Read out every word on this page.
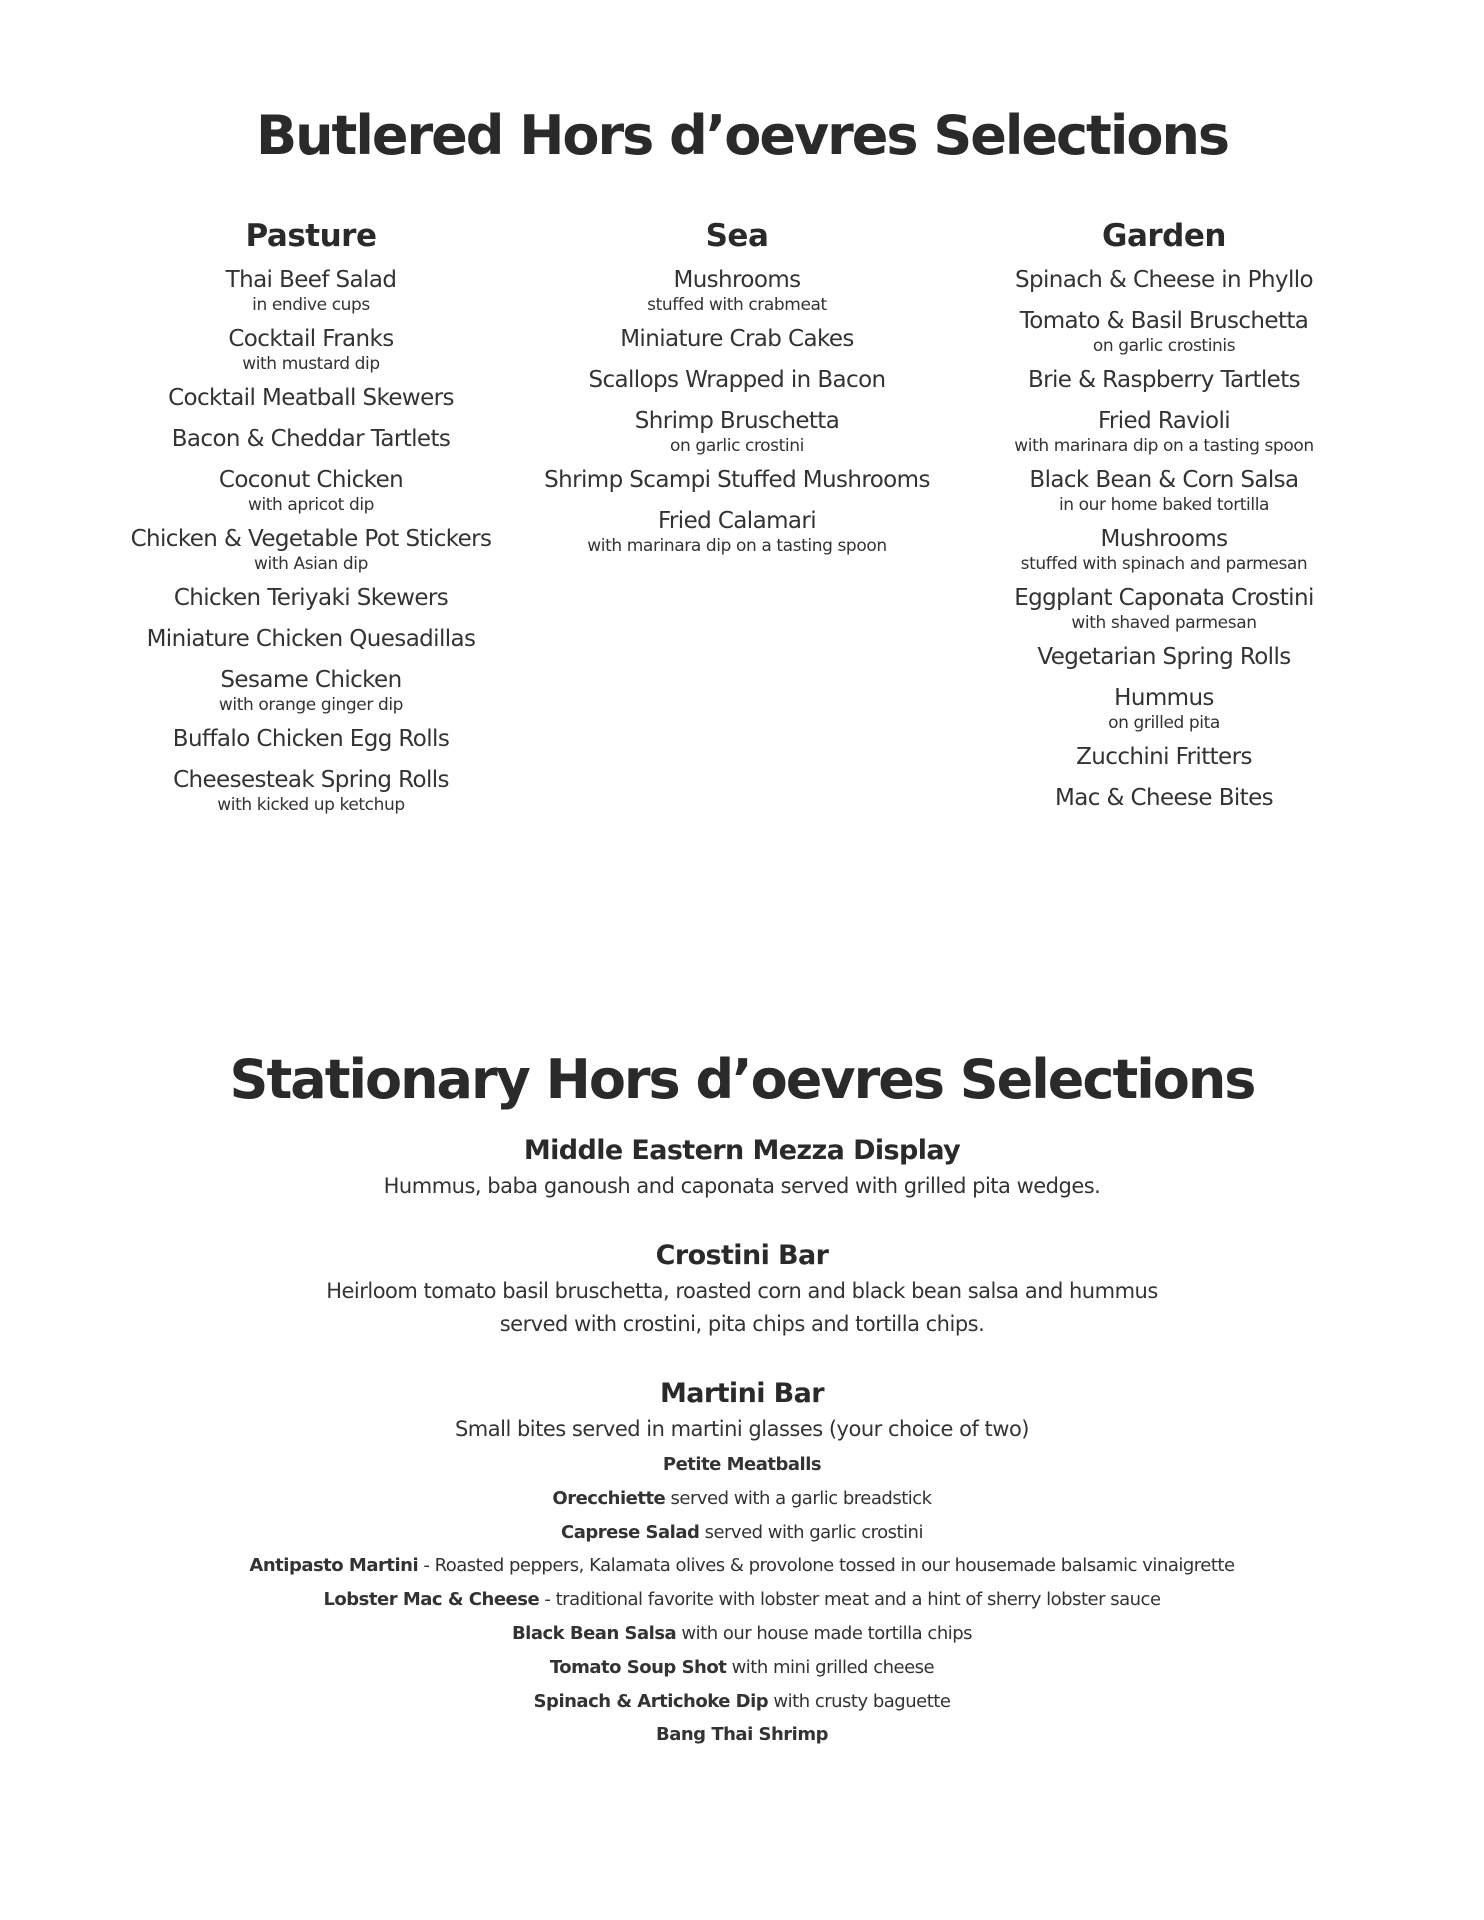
Butlered Hors d’oevres Selections
Pasture
Thai Beef Salad
in endive cups
Cocktail Franks
with mustard dip
Cocktail Meatball Skewers
Bacon & Cheddar Tartlets
Coconut Chicken
with apricot dip
Chicken & Vegetable Pot Stickers
with Asian dip
Chicken Teriyaki Skewers
Miniature Chicken Quesadillas
Sesame Chicken
with orange ginger dip
Buffalo Chicken Egg Rolls
Cheesesteak Spring Rolls
with kicked up ketchup
Sea
Mushrooms
stuffed with crabmeat
Miniature Crab Cakes
Scallops Wrapped in Bacon
Shrimp Bruschetta
on garlic crostini
Shrimp Scampi Stuffed Mushrooms
Fried Calamari
with marinara dip on a tasting spoon
Garden
Spinach & Cheese in Phyllo
Tomato & Basil Bruschetta
on garlic crostinis
Brie & Raspberry Tartlets
Fried Ravioli
with marinara dip on a tasting spoon
Black Bean & Corn Salsa
in our home baked tortilla
Mushrooms
stuffed with spinach and parmesan
Eggplant Caponata Crostini
with shaved parmesan
Vegetarian Spring Rolls
Hummus
on grilled pita
Zucchini Fritters
Mac & Cheese Bites
Stationary Hors d’oevres Selections
Middle Eastern Mezza Display
Hummus, baba ganoush and caponata served with grilled pita wedges.
Crostini Bar
Heirloom tomato basil bruschetta, roasted corn and black bean salsa and hummus
served with crostini, pita chips and tortilla chips.
Martini Bar
Small bites served in martini glasses (your choice of two)
Petite Meatballs
Orecchiette served with a garlic breadstick
Caprese Salad served with garlic crostini
Antipasto Martini - Roasted peppers, Kalamata olives & provolone tossed in our housemade balsamic vinaigrette
Lobster Mac & Cheese - traditional favorite with lobster meat and a hint of sherry lobster sauce
Black Bean Salsa with our house made tortilla chips
Tomato Soup Shot with mini grilled cheese
Spinach & Artichoke Dip with crusty baguette
Bang Thai Shrimp
